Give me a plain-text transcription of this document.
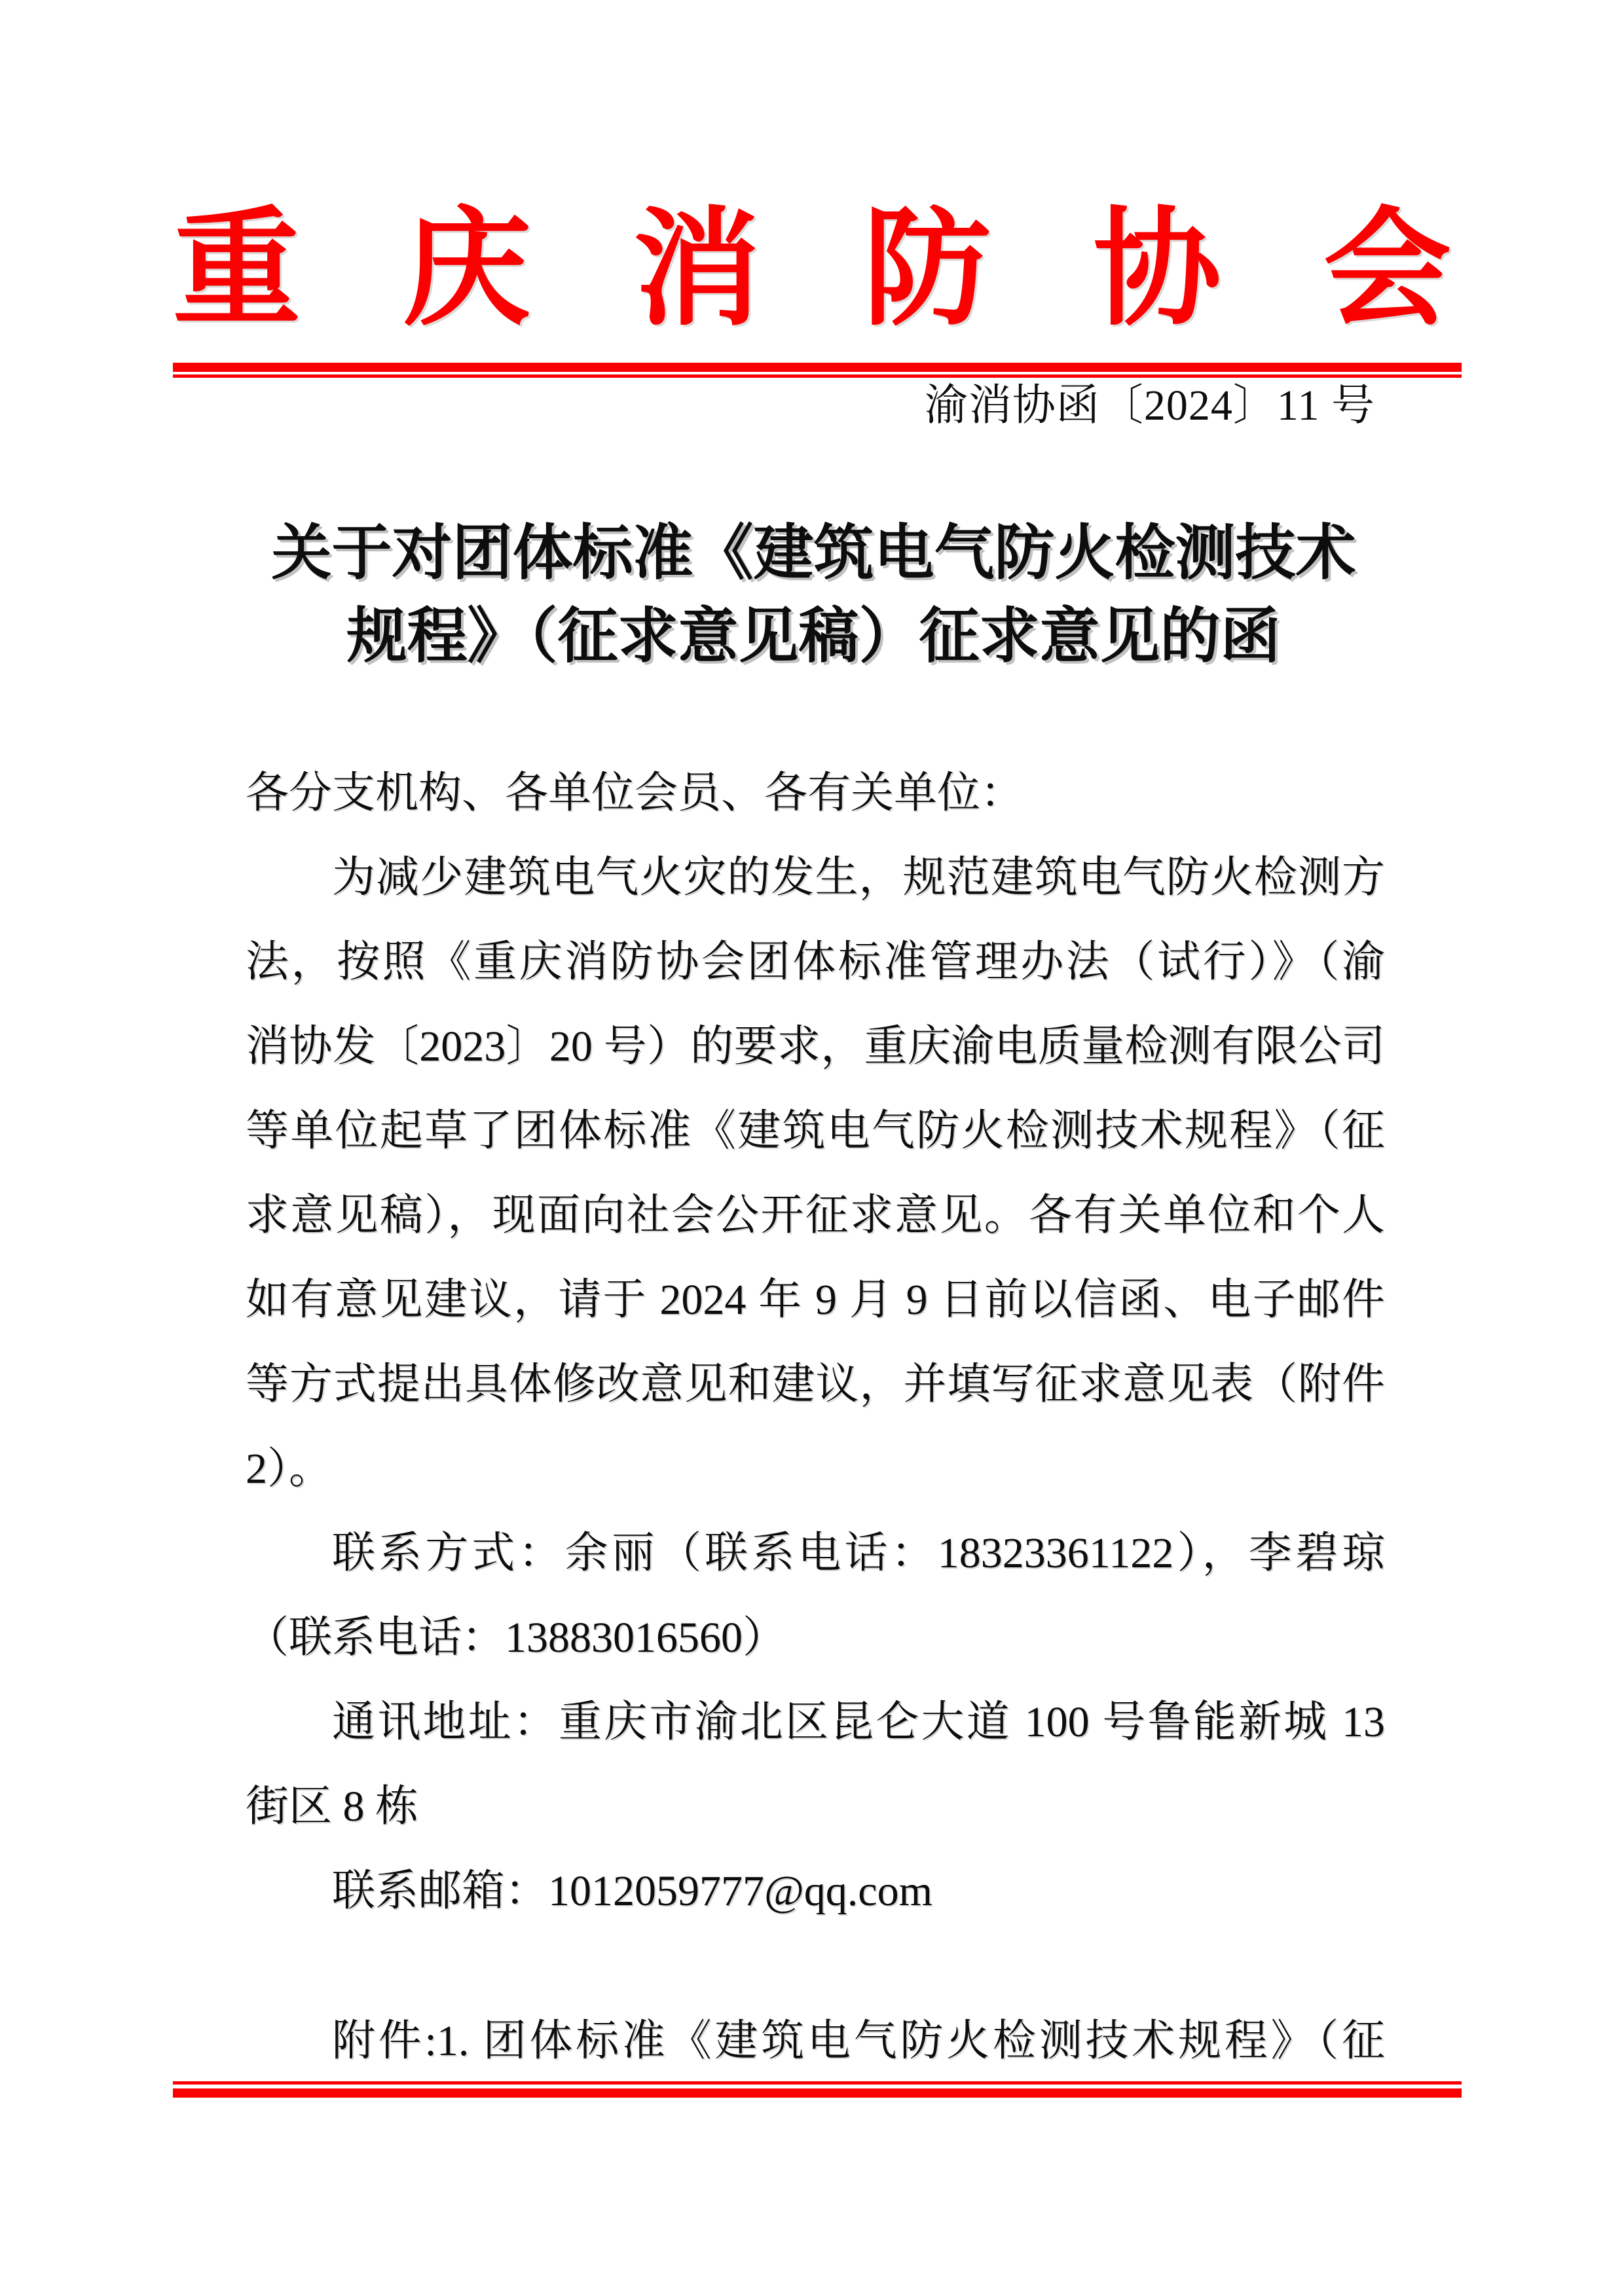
重庆消防协会
渝消协函〔2024〕11 号
关于对团体标准《建筑电气防火检测技术
规程》（征求意见稿）征求意见的函
各分支机构、各单位会员、各有关单位：
为减少建筑电气火灾的发生，规范建筑电气防火检测方
法，按照《重庆消防协会团体标准管理办法（试行）》（渝
消协发〔2023〕20 号）的要求，重庆渝电质量检测有限公司
等单位起草了团体标准《建筑电气防火检测技术规程》（征
求意见稿），现面向社会公开征求意见。各有关单位和个人
如有意见建议，请于 2024 年 9 月 9 日前以信函、电子邮件
等方式提出具体修改意见和建议，并填写征求意见表（附件
2）。
联系方式：余丽（联系电话：18323361122），李碧琼
（联系电话：13883016560）
通讯地址：重庆市渝北区昆仑大道 100 号鲁能新城 13
街区 8 栋
联系邮箱：1012059777@qq.com
附件:1. 团体标准《建筑电气防火检测技术规程》（征
